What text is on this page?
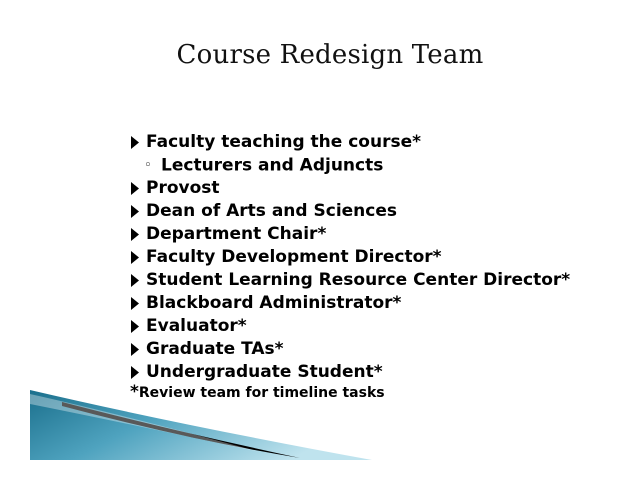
Course Redesign Team
Faculty teaching the course*
◦ Lecturers and Adjuncts
Provost
Dean of Arts and Sciences
Department Chair*
Faculty Development Director*
Student Learning Resource Center Director*
Blackboard Administrator*
Evaluator*
Graduate TAs*
Undergraduate Student*
*Review team for timeline tasks
